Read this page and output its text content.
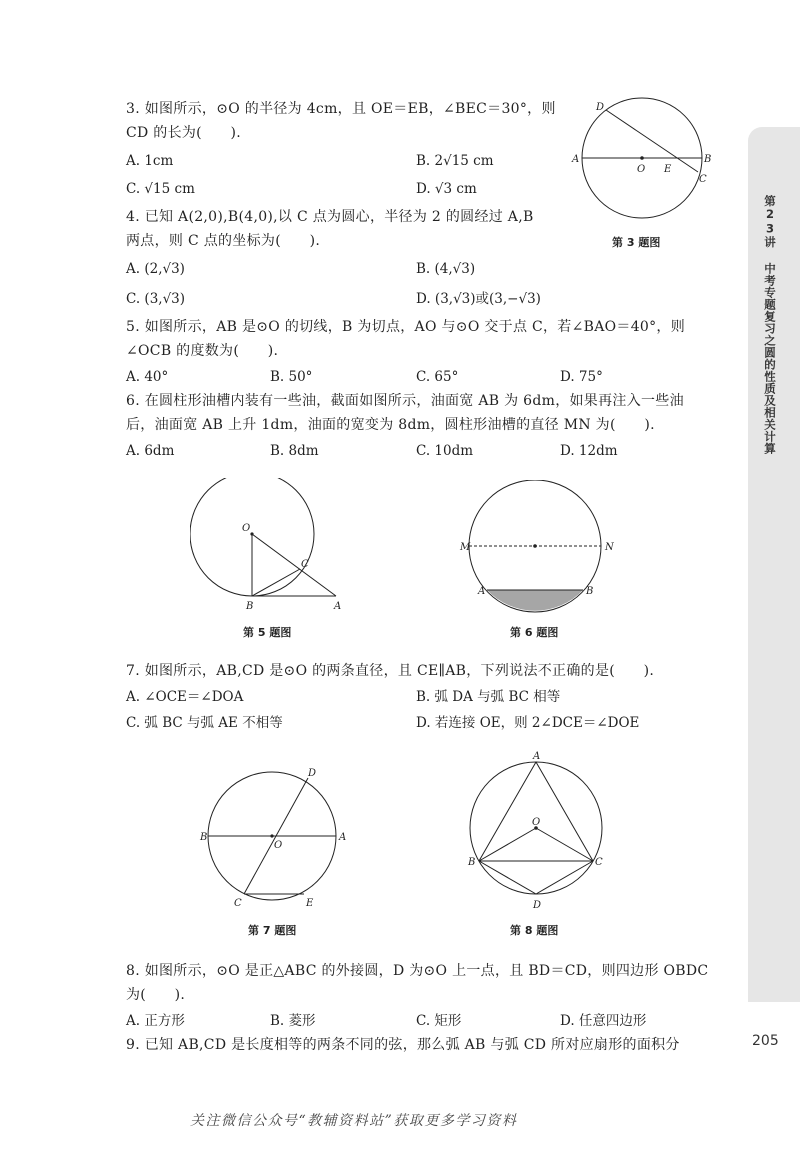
第23讲 中考专题复习之圆的性质及相关计算
205
3. 如图所示，⊙O 的半径为 4cm，且 OE＝EB，∠BEC＝30°，则
CD 的长为(　　).
A. 1cm	B. 2√15 cm
C. √15 cm	D. √3 cm
D
A
O E
B
C
第 3 题图
4. 已知 A(2,0),B(4,0),以 C 点为圆心，半径为 2 的圆经过 A,B
两点，则 C 点的坐标为(　　).
A. (2,√3)	B. (4,√3)
C. (3,√3)	D. (3,√3)或(3,−√3)
5. 如图所示，AB 是⊙O 的切线，B 为切点，AO 与⊙O 交于点 C，若∠BAO＝40°，则
∠OCB 的度数为(　　).
A. 40°	B. 50°	C. 65°	D. 75°
6. 在圆柱形油槽内装有一些油，截面如图所示，油面宽 AB 为 6dm，如果再注入一些油
后，油面宽 AB 上升 1dm，油面的宽变为 8dm，圆柱形油槽的直径 MN 为(　　).
A. 6dm	B. 8dm	C. 10dm	D. 12dm
O
C
B	A
第 5 题图
M	N
A	B
第 6 题图
7. 如图所示，AB,CD 是⊙O 的两条直径，且 CE∥AB，下列说法不正确的是(　　).
A. ∠OCE＝∠DOA	B. 弧 DA 与弧 BC 相等
C. 弧 BC 与弧 AE 不相等	D. 若连接 OE，则 2∠DCE＝∠DOE
D
B
O
A
C	E
第 7 题图
A
O
B	C
D
第 8 题图
8. 如图所示，⊙O 是正△ABC 的外接圆，D 为⊙O 上一点，且 BD＝CD，则四边形 OBDC
为(　　).
A. 正方形	B. 菱形	C. 矩形	D. 任意四边形
9. 已知 AB,CD 是长度相等的两条不同的弦，那么弧 AB 与弧 CD 所对应扇形的面积分
关注微信公众号“教辅资料站”获取更多学习资料
